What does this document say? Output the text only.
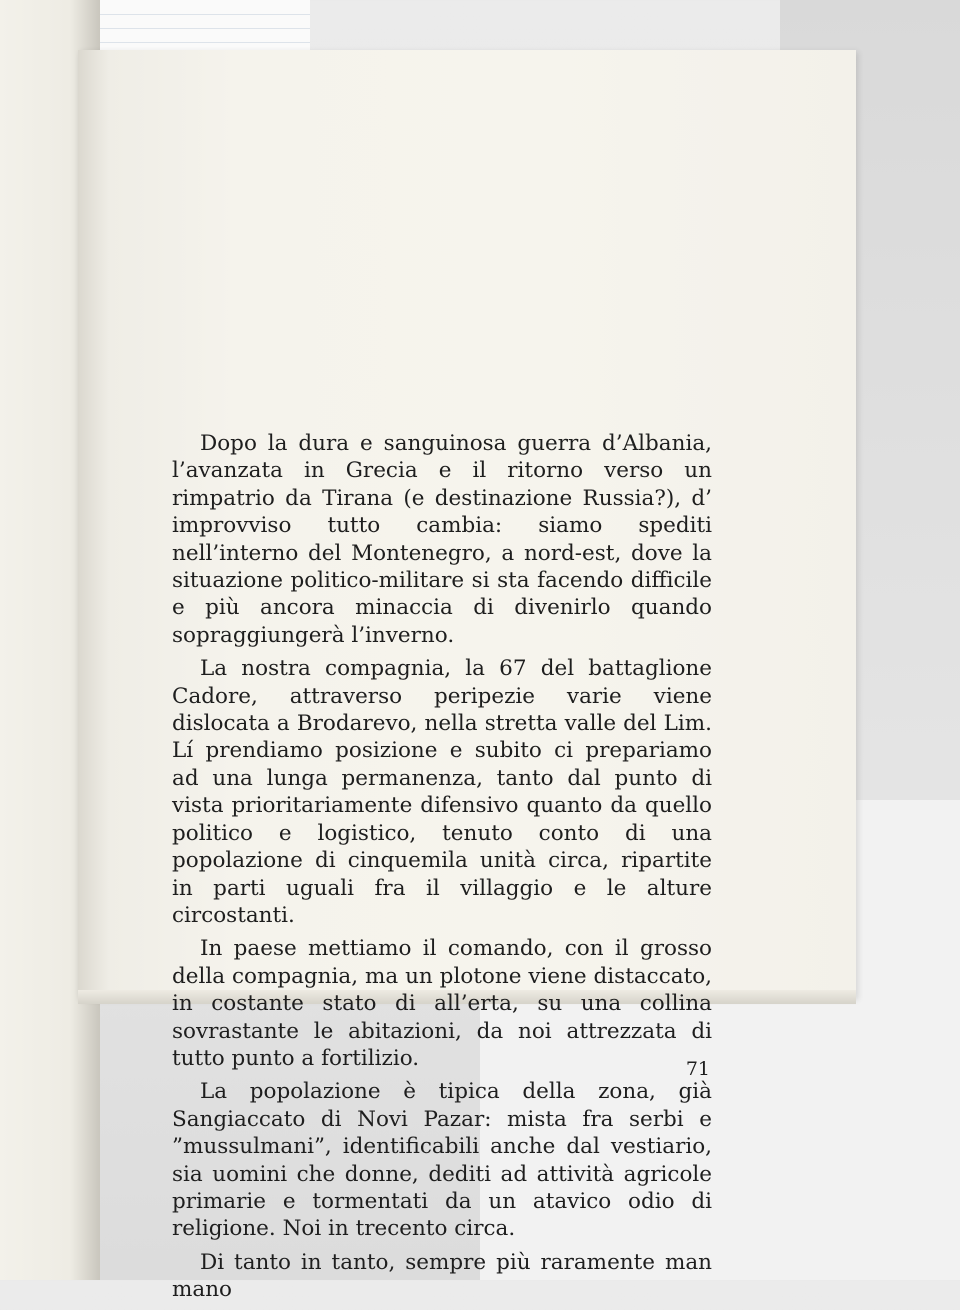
Dopo la dura e sanguinosa guerra d’Albania, l’avanzata in Grecia e il ritorno verso un rimpatrio da Tirana (e destinazione Russia?), d’ improvviso tutto cambia: siamo spediti nell’interno del Montenegro, a nord-est, dove la situazione politico-militare si sta facendo difficile e più ancora minaccia di divenirlo quando sopraggiungerà l’inverno.

La nostra compagnia, la 67 del battaglione Cadore, attraverso peripezie varie viene dislocata a Brodarevo, nella stretta valle del Lim. Lí prendiamo posizione e subito ci prepariamo ad una lunga permanenza, tanto dal punto di vista prioritariamente difensivo quanto da quello politico e logistico, tenuto conto di una popolazione di cinquemila unità circa, ripartite in parti uguali fra il villaggio e le alture circostanti.

In paese mettiamo il comando, con il grosso della compagnia, ma un plotone viene distaccato, in costante stato di all’erta, su una collina sovrastante le abitazioni, da noi attrezzata di tutto punto a fortilizio.

La popolazione è tipica della zona, già Sangiaccato di Novi Pazar: mista fra serbi e ”mussulmani”, identificabili anche dal vestiario, sia uomini che donne, dediti ad attività agricole primarie e tormentati da un atavico odio di religione. Noi in trecento circa.

Di tanto in tanto, sempre più raramente man mano

71
